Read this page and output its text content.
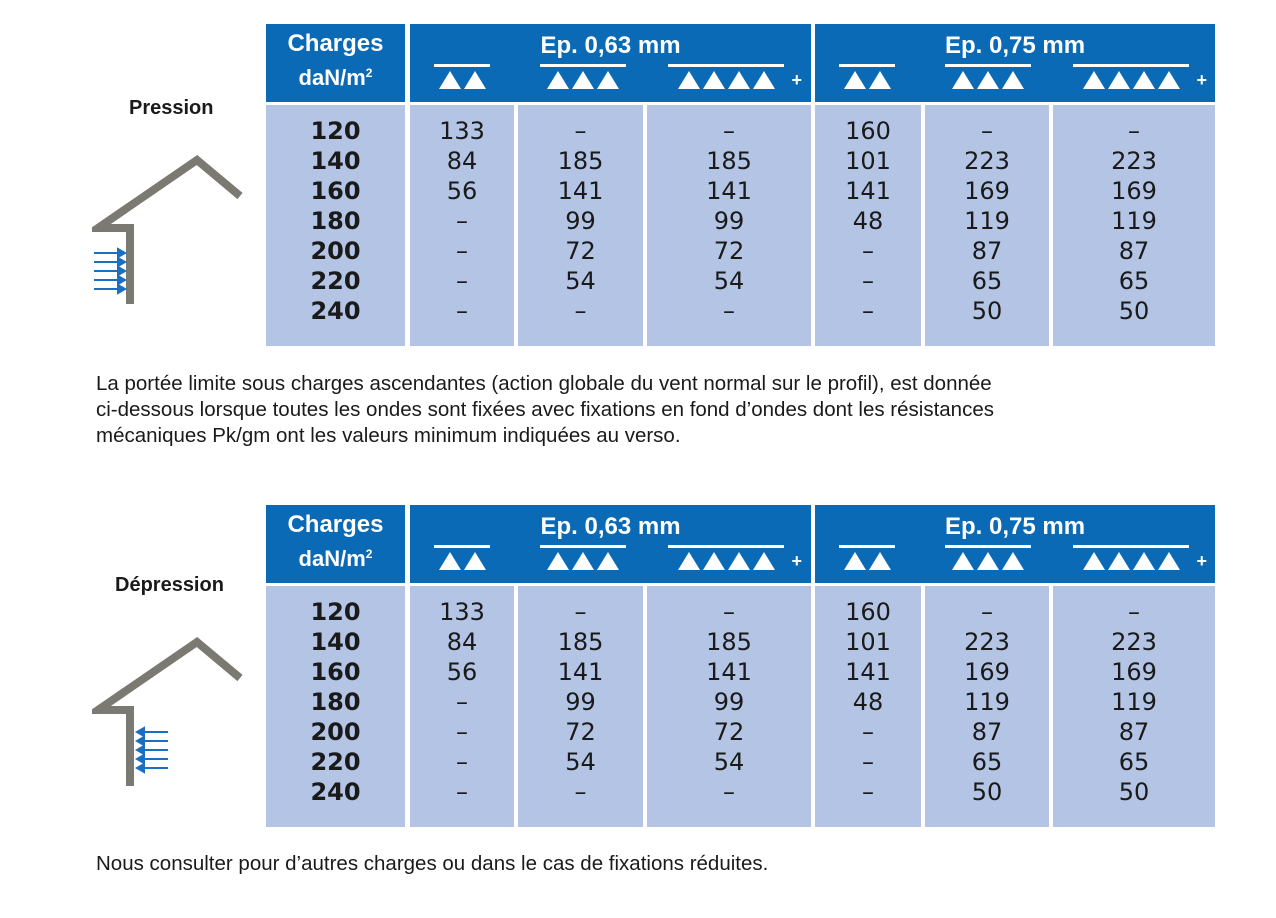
Pression
Charges
daN/$m^2$
Ep. 0,63 mm
+
Ep. 0,75 mm
+
120
140
160
180
200
220
240
133
84
56
–
–
–
–
–
185
141
99
72
54
–
–
185
141
99
72
54
–
160
101
141
48
–
–
–
–
223
169
119
87
65
50
–
223
169
119
87
65
50
La portée limite sous charges ascendantes (action globale du vent normal sur le profil), est donnée
ci-dessous lorsque toutes les ondes sont fixées avec fixations en fond d’ondes dont les résistances
mécaniques Pk/gm ont les valeurs minimum indiquées au verso.
Dépression
Charges
daN/$m^2$
Ep. 0,63 mm
+
Ep. 0,75 mm
+
120
140
160
180
200
220
240
133
84
56
–
–
–
–
–
185
141
99
72
54
–
–
185
141
99
72
54
–
160
101
141
48
–
–
–
–
223
169
119
87
65
50
–
223
169
119
87
65
50
Nous consulter pour d’autres charges ou dans le cas de fixations réduites.
